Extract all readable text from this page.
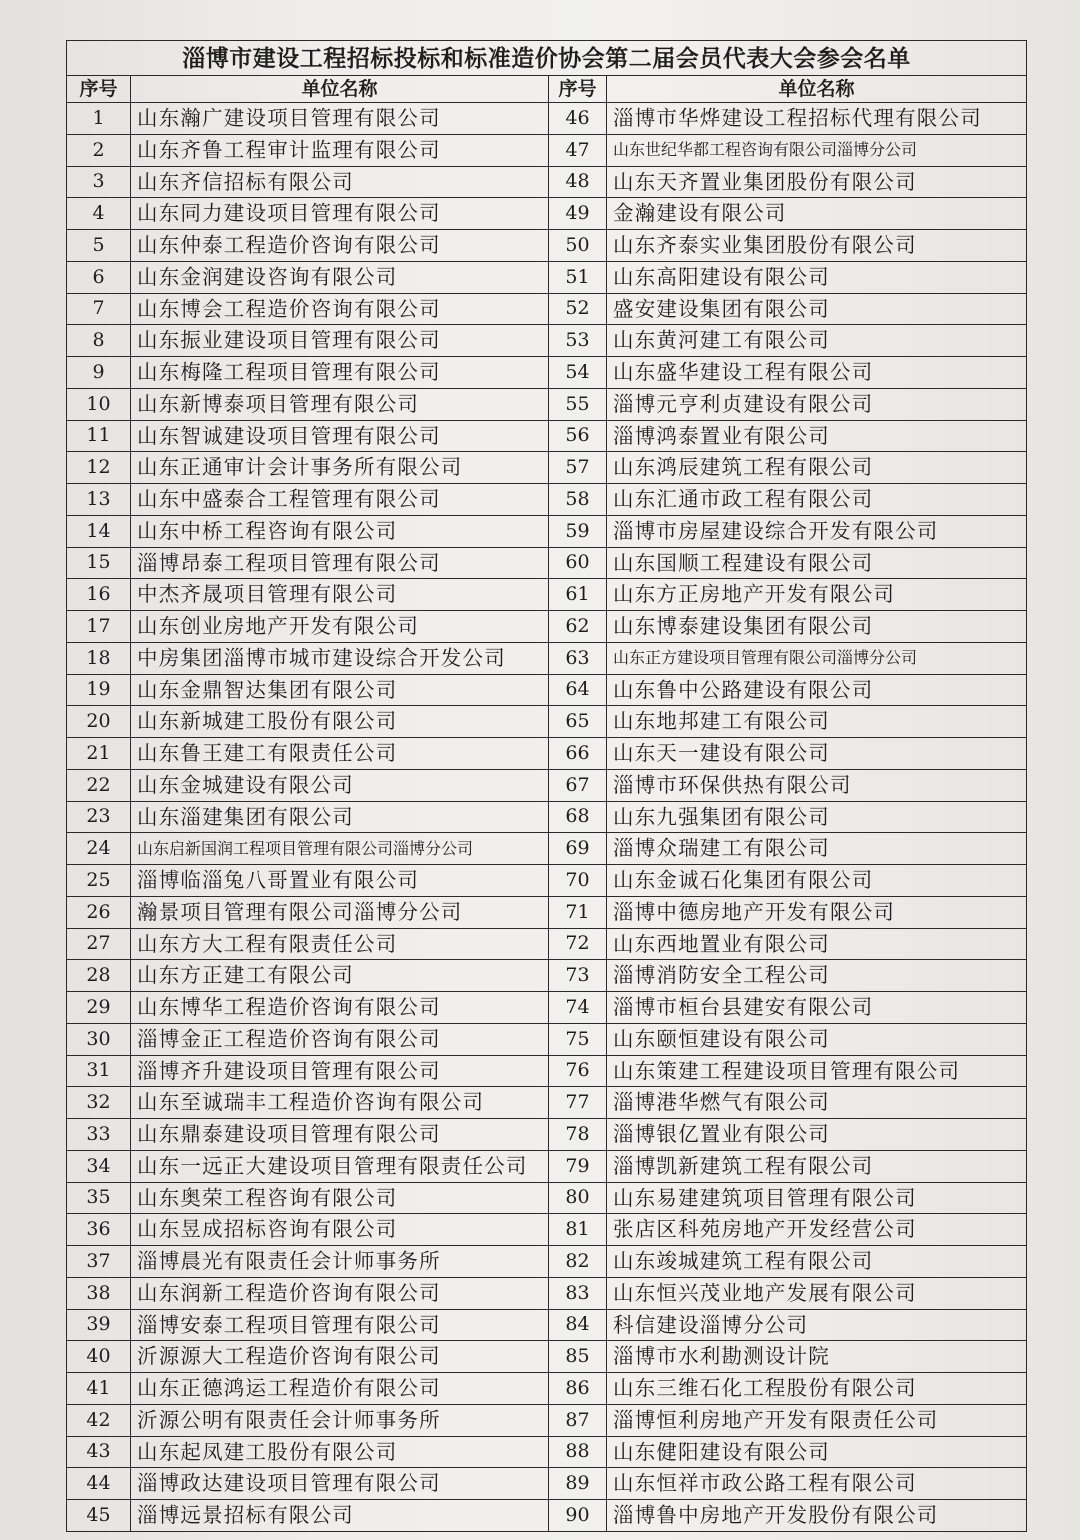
淄博市建设工程招标投标和标准造价协会第二届会员代表大会参会名单			
序号	单位名称	序号	单位名称
1	山东瀚广建设项目管理有限公司	46	淄博市华烨建设工程招标代理有限公司
2	山东齐鲁工程审计监理有限公司	47	山东世纪华都工程咨询有限公司淄博分公司
3	山东齐信招标有限公司	48	山东天齐置业集团股份有限公司
4	山东同力建设项目管理有限公司	49	金瀚建设有限公司
5	山东仲泰工程造价咨询有限公司	50	山东齐泰实业集团股份有限公司
6	山东金润建设咨询有限公司	51	山东高阳建设有限公司
7	山东博会工程造价咨询有限公司	52	盛安建设集团有限公司
8	山东振业建设项目管理有限公司	53	山东黄河建工有限公司
9	山东梅隆工程项目管理有限公司	54	山东盛华建设工程有限公司
10	山东新博泰项目管理有限公司	55	淄博元亨利贞建设有限公司
11	山东智诚建设项目管理有限公司	56	淄博鸿泰置业有限公司
12	山东正通审计会计事务所有限公司	57	山东鸿辰建筑工程有限公司
13	山东中盛泰合工程管理有限公司	58	山东汇通市政工程有限公司
14	山东中桥工程咨询有限公司	59	淄博市房屋建设综合开发有限公司
15	淄博昂泰工程项目管理有限公司	60	山东国顺工程建设有限公司
16	中杰齐晟项目管理有限公司	61	山东方正房地产开发有限公司
17	山东创业房地产开发有限公司	62	山东博泰建设集团有限公司
18	中房集团淄博市城市建设综合开发公司	63	山东正方建设项目管理有限公司淄博分公司
19	山东金鼎智达集团有限公司	64	山东鲁中公路建设有限公司
20	山东新城建工股份有限公司	65	山东地邦建工有限公司
21	山东鲁王建工有限责任公司	66	山东天一建设有限公司
22	山东金城建设有限公司	67	淄博市环保供热有限公司
23	山东淄建集团有限公司	68	山东九强集团有限公司
24	山东启新国润工程项目管理有限公司淄博分公司	69	淄博众瑞建工有限公司
25	淄博临淄兔八哥置业有限公司	70	山东金诚石化集团有限公司
26	瀚景项目管理有限公司淄博分公司	71	淄博中德房地产开发有限公司
27	山东方大工程有限责任公司	72	山东西地置业有限公司
28	山东方正建工有限公司	73	淄博消防安全工程公司
29	山东博华工程造价咨询有限公司	74	淄博市桓台县建安有限公司
30	淄博金正工程造价咨询有限公司	75	山东颐恒建设有限公司
31	淄博齐升建设项目管理有限公司	76	山东策建工程建设项目管理有限公司
32	山东至诚瑞丰工程造价咨询有限公司	77	淄博港华燃气有限公司
33	山东鼎泰建设项目管理有限公司	78	淄博银亿置业有限公司
34	山东一远正大建设项目管理有限责任公司	79	淄博凯新建筑工程有限公司
35	山东奥荣工程咨询有限公司	80	山东易建建筑项目管理有限公司
36	山东昱成招标咨询有限公司	81	张店区科苑房地产开发经营公司
37	淄博晨光有限责任会计师事务所	82	山东竣城建筑工程有限公司
38	山东润新工程造价咨询有限公司	83	山东恒兴茂业地产发展有限公司
39	淄博安泰工程项目管理有限公司	84	科信建设淄博分公司
40	沂源源大工程造价咨询有限公司	85	淄博市水利勘测设计院
41	山东正德鸿运工程造价有限公司	86	山东三维石化工程股份有限公司
42	沂源公明有限责任会计师事务所	87	淄博恒利房地产开发有限责任公司
43	山东起凤建工股份有限公司	88	山东健阳建设有限公司
44	淄博政达建设项目管理有限公司	89	山东恒祥市政公路工程有限公司
45	淄博远景招标有限公司	90	淄博鲁中房地产开发股份有限公司
